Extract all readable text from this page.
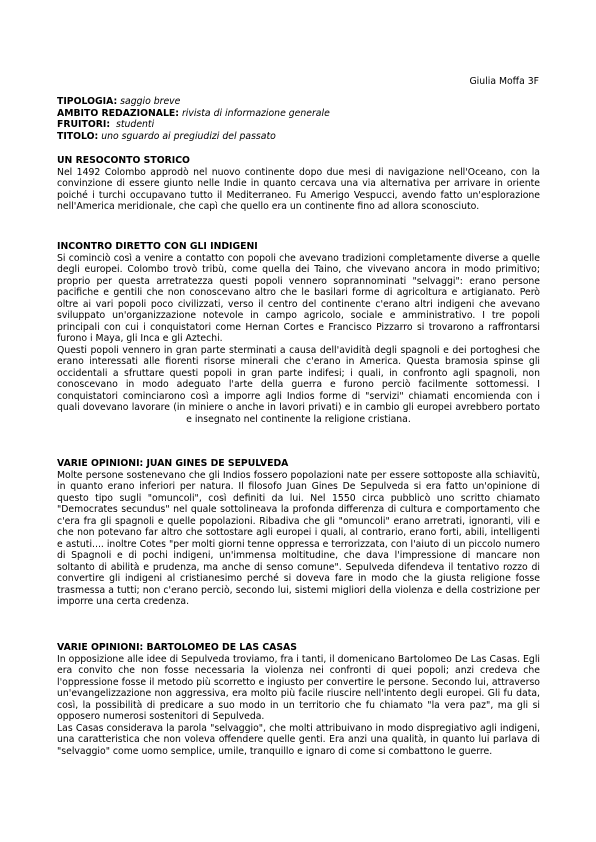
Giulia Moffa 3F
TIPOLOGIA: saggio breve
AMBITO REDAZIONALE: rivista di informazione generale
FRUITORI: studenti
TITOLO: uno sguardo ai pregiudizi del passato
UN RESOCONTO STORICO

Nel 1492 Colombo approdò nel nuovo continente dopo due mesi di navigazione nell'Oceano, con la convinzione di essere giunto nelle Indie in quanto cercava una via alternativa per arrivare in oriente poiché i turchi occupavano tutto il Mediterraneo. Fu Amerigo Vespucci, avendo fatto un'esplorazione nell'America meridionale, che capì che quello era un continente fino ad allora sconosciuto.

INCONTRO DIRETTO CON GLI INDIGENI

Si cominciò così a venire a contatto con popoli che avevano tradizioni completamente diverse a quelle degli europei. Colombo trovò tribù, come quella dei Taino, che vivevano ancora in modo primitivo; proprio per questa arretratezza questi popoli vennero soprannominati "selvaggi": erano persone pacifiche e gentili che non conoscevano altro che le basilari forme di agricoltura e artigianato. Però oltre ai vari popoli poco civilizzati, verso il centro del continente c'erano altri indigeni che avevano sviluppato un'organizzazione notevole in campo agricolo, sociale e amministrativo. I tre popoli principali con cui i conquistatori come Hernan Cortes e Francisco Pizzarro si trovarono a raffrontarsi furono i Maya, gli Inca e gli Aztechi.

Questi popoli vennero in gran parte sterminati a causa dell'avidità degli spagnoli e dei portoghesi che erano interessati alle fiorenti risorse minerali che c'erano in America. Questa bramosia spinse gli occidentali a sfruttare questi popoli in gran parte indifesi; i quali, in confronto agli spagnoli, non conoscevano in modo adeguato l'arte della guerra e furono perciò facilmente sottomessi. I conquistatori cominciarono così a imporre agli Indios forme di "servizi" chiamati encomienda con i quali dovevano lavorare (in miniere o anche in lavori privati) e in cambio gli europei avrebbero portato e insegnato nel continente la religione cristiana.

VARIE OPINIONI: JUAN GINES DE SEPULVEDA

Molte persone sostenevano che gli Indios fossero popolazioni nate per essere sottoposte alla schiavitù, in quanto erano inferiori per natura. Il filosofo Juan Gines De Sepulveda si era fatto un'opinione di questo tipo sugli "omuncoli", così definiti da lui. Nel 1550 circa pubblicò uno scritto chiamato "Democrates secundus" nel quale sottolineava la profonda differenza di cultura e comportamento che c'era fra gli spagnoli e quelle popolazioni. Ribadiva che gli "omuncoli" erano arretrati, ignoranti, vili e che non potevano far altro che sottostare agli europei i quali, al contrario, erano forti, abili, intelligenti e astuti.... inoltre Cotes "per molti giorni tenne oppressa e terrorizzata, con l'aiuto di un piccolo numero di Spagnoli e di pochi indigeni, un'immensa moltitudine, che dava l'impressione di mancare non soltanto di abilità e prudenza, ma anche di senso comune". Sepulveda difendeva il tentativo rozzo di convertire gli indigeni al cristianesimo perché si doveva fare in modo che la giusta religione fosse trasmessa a tutti; non c'erano perciò, secondo lui, sistemi migliori della violenza e della costrizione per imporre una certa credenza.

VARIE OPINIONI: BARTOLOMEO DE LAS CASAS

In opposizione alle idee di Sepulveda troviamo, fra i tanti, il domenicano Bartolomeo De Las Casas. Egli era convito che non fosse necessaria la violenza nei confronti di quei popoli; anzi credeva che l'oppressione fosse il metodo più scorretto e ingiusto per convertire le persone. Secondo lui, attraverso un'evangelizzazione non aggressiva, era molto più facile riuscire nell'intento degli europei. Gli fu data, così, la possibilità di predicare a suo modo in un territorio che fu chiamato "la vera paz", ma gli si opposero numerosi sostenitori di Sepulveda.

Las Casas considerava la parola "selvaggio", che molti attribuivano in modo dispregiativo agli indigeni, una caratteristica che non voleva offendere quelle genti. Era anzi una qualità, in quanto lui parlava di "selvaggio" come uomo semplice, umile, tranquillo e ignaro di come si combattono le guerre.
